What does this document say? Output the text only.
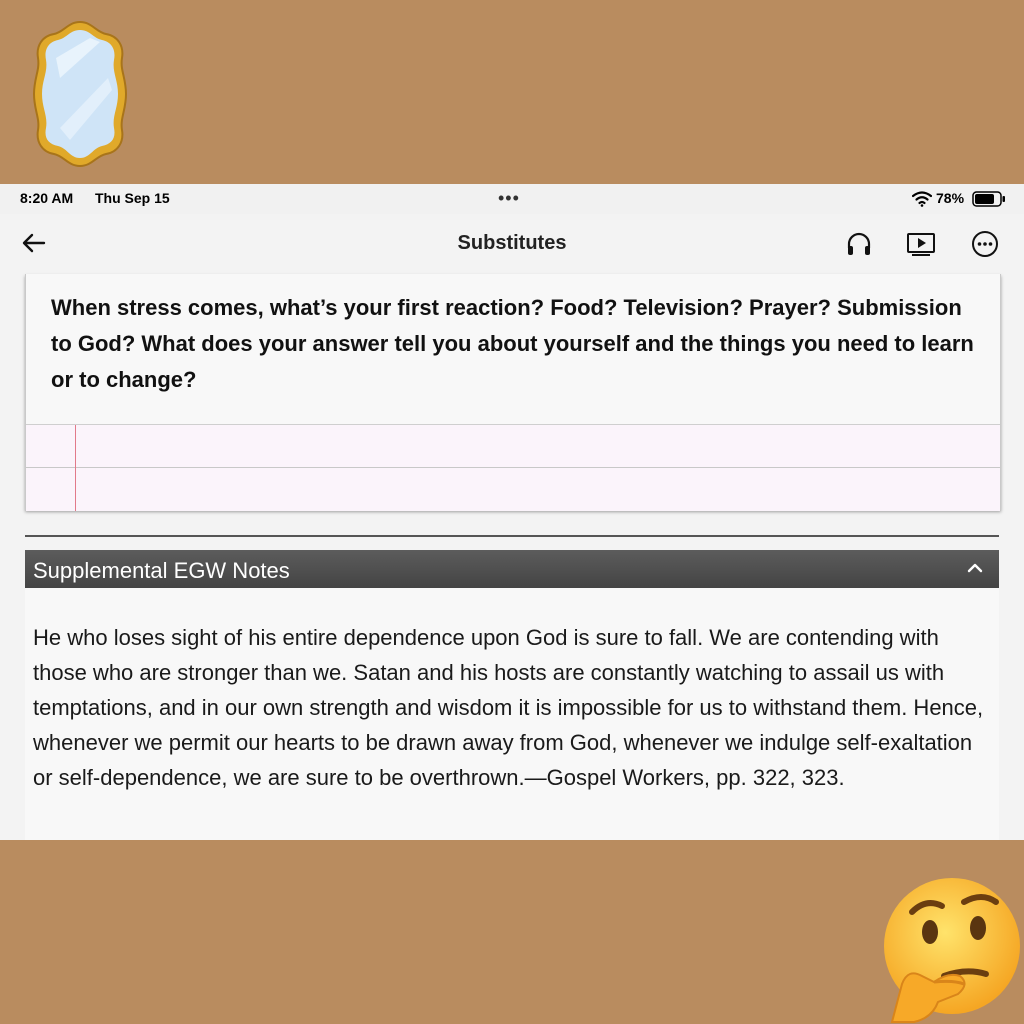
8:20 AM Thu Sep 15	•••	78%
Substitutes

When stress comes, what’s your first reaction? Food? Television? Prayer? Submission to God? What does your answer tell you about yourself and the things you need to learn or to change?

Supplemental EGW Notes

He who loses sight of his entire dependence upon God is sure to fall. We are contending with those who are stronger than we. Satan and his hosts are constantly watching to assail us with temptations, and in our own strength and wisdom it is impossible for us to withstand them. Hence, whenever we permit our hearts to be drawn away from God, whenever we indulge self-exaltation or self-dependence, we are sure to be overthrown.—Gospel Workers, pp. 322, 323.
